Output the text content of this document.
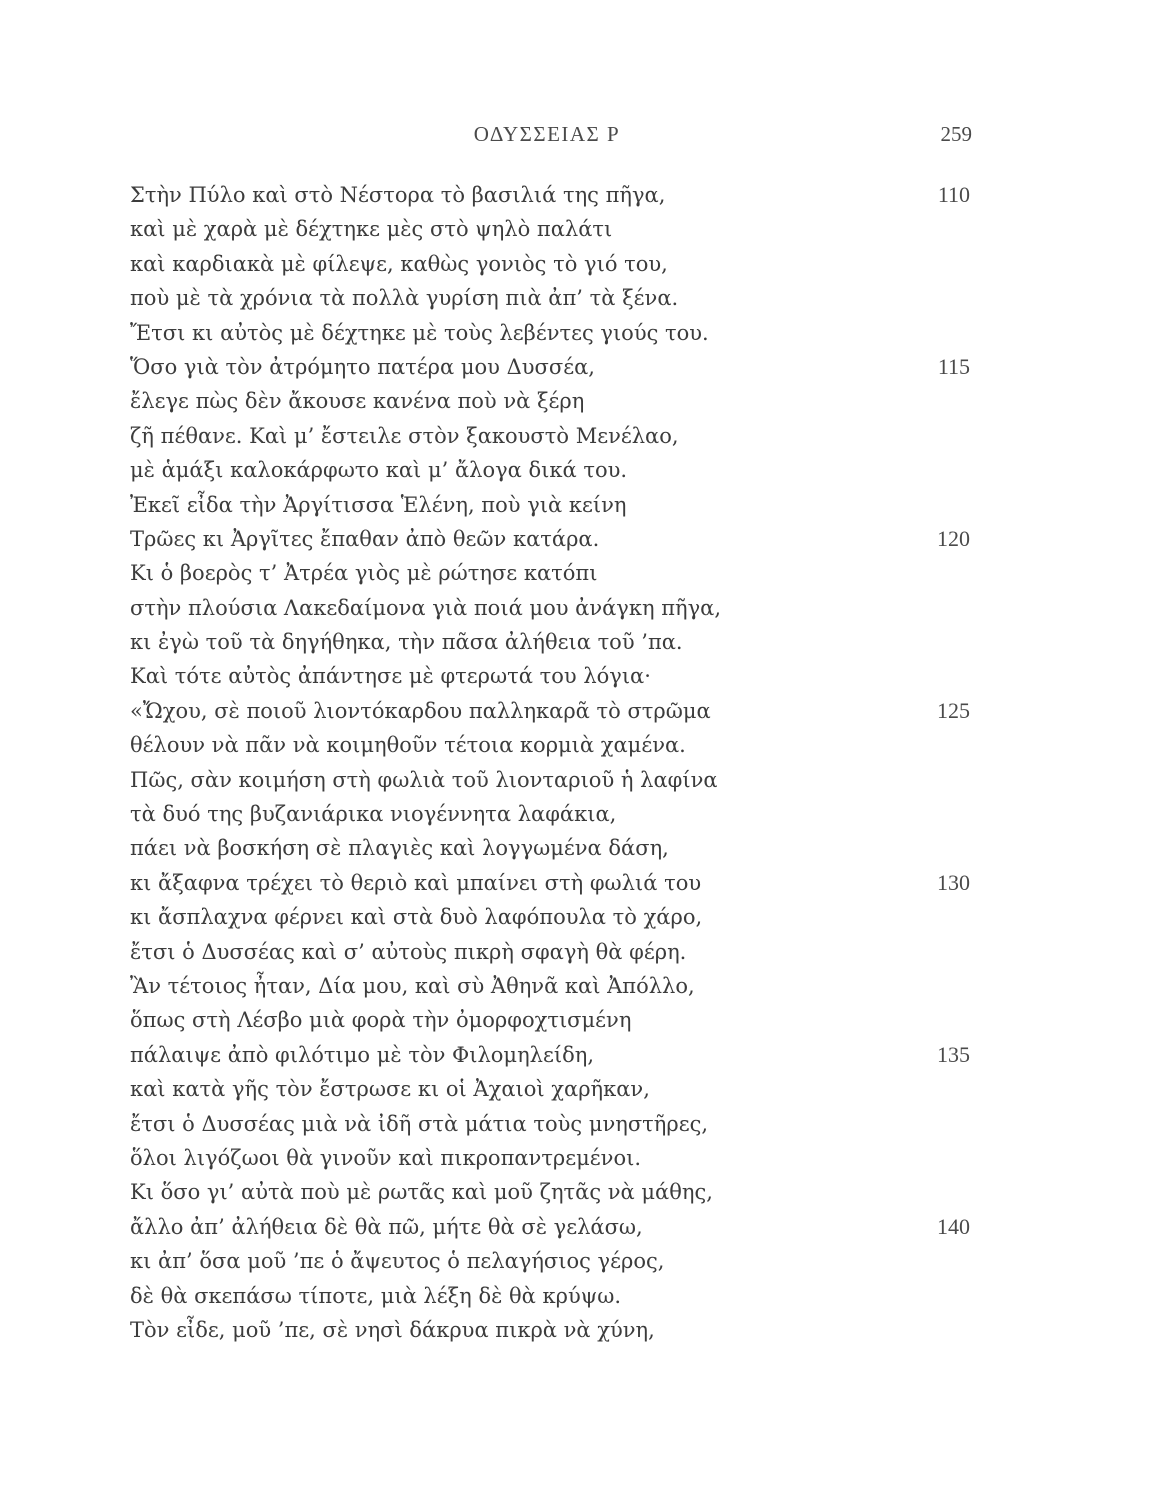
ΟΔΥΣΣΕΙΑΣ Ρ	259
Στὴν Πύλο καὶ στὸ Νέστορα τὸ βασιλιά της πῆγα,	110
καὶ μὲ χαρὰ μὲ δέχτηκε μὲς στὸ ψηλὸ παλάτι
καὶ καρδιακὰ μὲ φίλεψε, καθὼς γονιὸς τὸ γιό του,
ποὺ μὲ τὰ χρόνια τὰ πολλὰ γυρίση πιὰ ἀπ’ τὰ ξένα.
Ἔτσι κι αὐτὸς μὲ δέχτηκε μὲ τοὺς λεβέντες γιούς του.
Ὅσο γιὰ τὸν ἀτρόμητο πατέρα μου Δυσσέα,	115
ἔλεγε πὼς δὲν ἄκουσε κανένα ποὺ νὰ ξέρη
ζῆ πέθανε. Καὶ μ’ ἔστειλε στὸν ξακουστὸ Μενέλαο,
μὲ ἁμάξι καλοκάρφωτο καὶ μ’ ἄλογα δικά του.
Ἐκεῖ εἶδα τὴν Ἀργίτισσα Ἑλένη, ποὺ γιὰ κείνη
Τρῶες κι Ἀργῖτες ἔπαθαν ἀπὸ θεῶν κατάρα.	120
Κι ὁ βοερὸς τ’ Ἀτρέα γιὸς μὲ ρώτησε κατόπι
στὴν πλούσια Λακεδαίμονα γιὰ ποιά μου ἀνάγκη πῆγα,
κι ἐγὼ τοῦ τὰ δηγήθηκα, τὴν πᾶσα ἀλήθεια τοῦ ’πα.
Καὶ τότε αὐτὸς ἀπάντησε μὲ φτερωτά του λόγια·
«Ὤχου, σὲ ποιοῦ λιοντόκαρδου παλληκαρᾶ τὸ στρῶμα	125
θέλουν νὰ πᾶν νὰ κοιμηθοῦν τέτοια κορμιὰ χαμένα.
Πῶς, σὰν κοιμήση στὴ φωλιὰ τοῦ λιονταριοῦ ἡ λαφίνα
τὰ δυό της βυζανιάρικα νιογέννητα λαφάκια,
πάει νὰ βοσκήση σὲ πλαγιὲς καὶ λογγωμένα δάση,
κι ἄξαφνα τρέχει τὸ θεριὸ καὶ μπαίνει στὴ φωλιά του	130
κι ἄσπλαχνα φέρνει καὶ στὰ δυὸ λαφόπουλα τὸ χάρο,
ἔτσι ὁ Δυσσέας καὶ σ’ αὐτοὺς πικρὴ σφαγὴ θὰ φέρη.
Ἂν τέτοιος ἦταν, Δία μου, καὶ σὺ Ἀθηνᾶ καὶ Ἀπόλλο,
ὅπως στὴ Λέσβο μιὰ φορὰ τὴν ὀμορφοχτισμένη
πάλαιψε ἀπὸ φιλότιμο μὲ τὸν Φιλομηλείδη,	135
καὶ κατὰ γῆς τὸν ἔστρωσε κι οἱ Ἀχαιοὶ χαρῆκαν,
ἔτσι ὁ Δυσσέας μιὰ νὰ ἰδῆ στὰ μάτια τοὺς μνηστῆρες,
ὅλοι λιγόζωοι θὰ γινοῦν καὶ πικροπαντρεμένοι.
Κι ὅσο γι’ αὐτὰ ποὺ μὲ ρωτᾶς καὶ μοῦ ζητᾶς νὰ μάθης,
ἄλλο ἀπ’ ἀλήθεια δὲ θὰ πῶ, μήτε θὰ σὲ γελάσω,	140
κι ἀπ’ ὅσα μοῦ ’πε ὁ ἄψευτος ὁ πελαγήσιος γέρος,
δὲ θὰ σκεπάσω τίποτε, μιὰ λέξη δὲ θὰ κρύψω.
Τὸν εἶδε, μοῦ ’πε, σὲ νησὶ δάκρυα πικρὰ νὰ χύνη,
